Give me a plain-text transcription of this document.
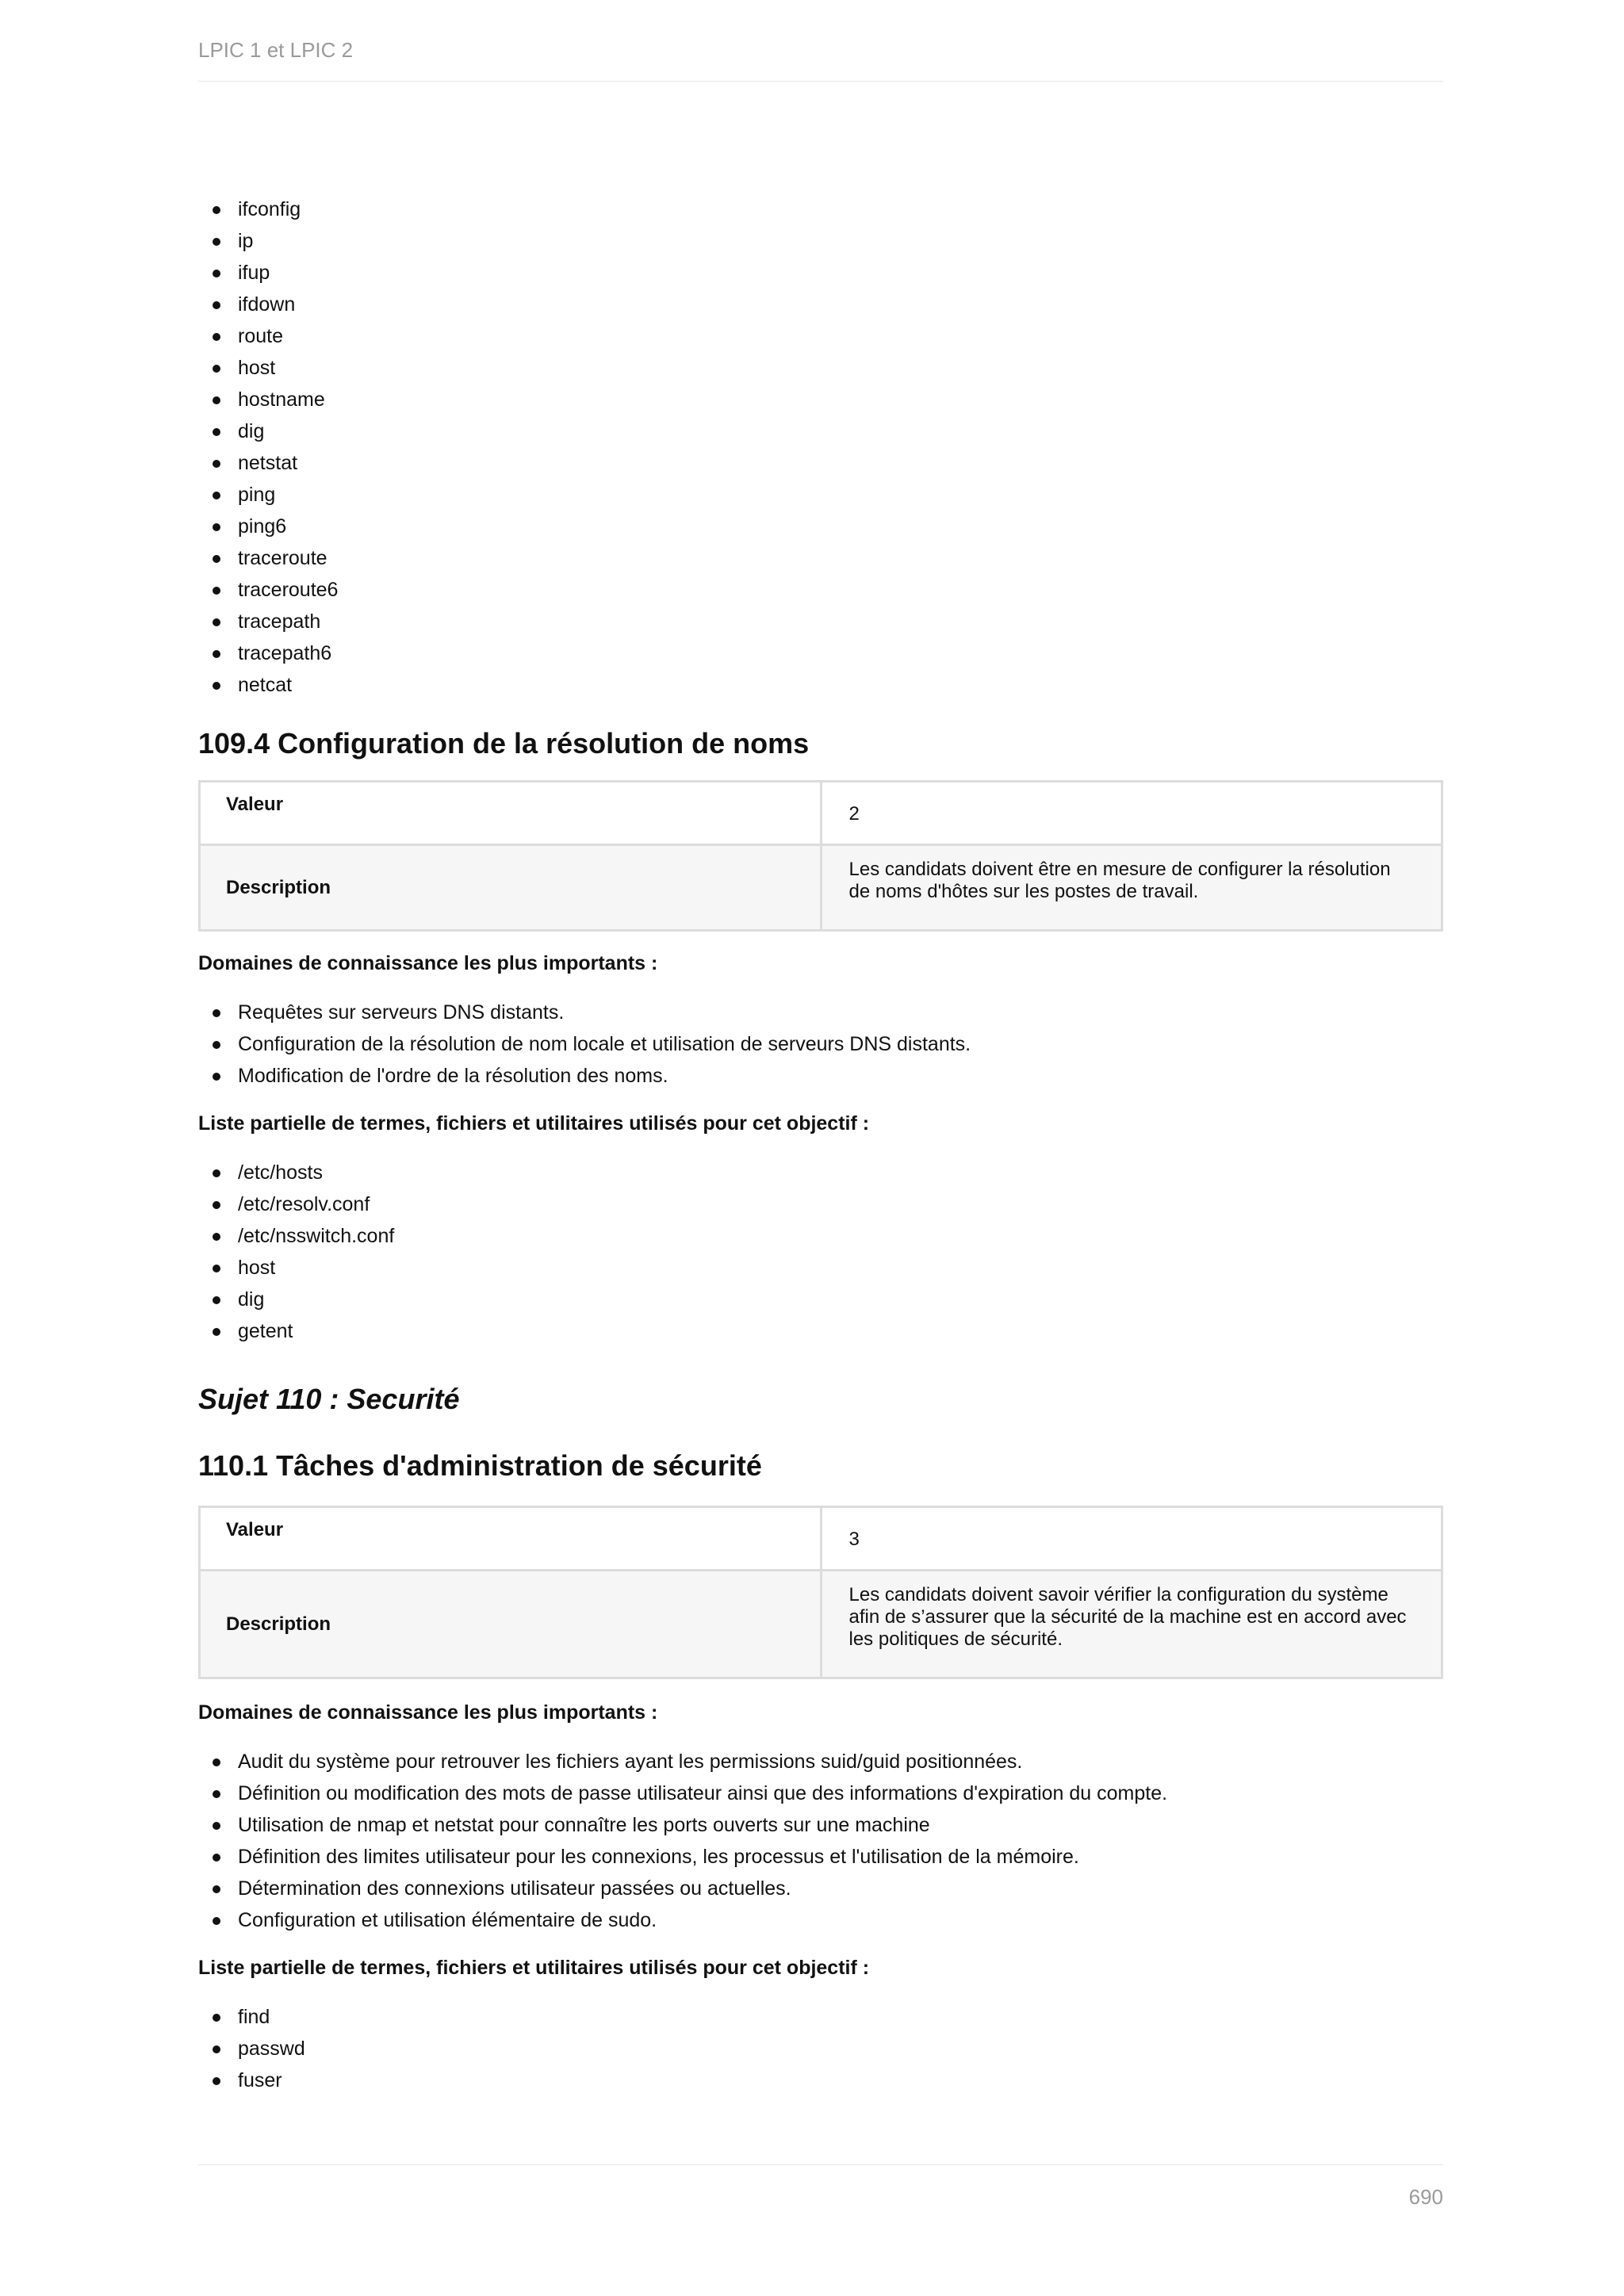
LPIC 1 et LPIC 2
ifconfig
ip
ifup
ifdown
route
host
hostname
dig
netstat
ping
ping6
traceroute
traceroute6
tracepath
tracepath6
netcat
109.4 Configuration de la résolution de noms
Valeur	2
Description	Les candidats doivent être en mesure de configurer la résolution de noms d'hôtes sur les postes de travail.

Domaines de connaissance les plus importants :

Requêtes sur serveurs DNS distants.
Configuration de la résolution de nom locale et utilisation de serveurs DNS distants.
Modification de l'ordre de la résolution des noms.

Liste partielle de termes, fichiers et utilitaires utilisés pour cet objectif :

/etc/hosts
/etc/resolv.conf
/etc/nsswitch.conf
host
dig
getent
Sujet 110 : Securité
110.1 Tâches d'administration de sécurité
Valeur	3
Description	Les candidats doivent savoir vérifier la configuration du système afin de s’assurer que la sécurité de la machine est en accord avec les politiques de sécurité.

Domaines de connaissance les plus importants :

Audit du système pour retrouver les fichiers ayant les permissions suid/guid positionnées.
Définition ou modification des mots de passe utilisateur ainsi que des informations d'expiration du compte.
Utilisation de nmap et netstat pour connaître les ports ouverts sur une machine
Définition des limites utilisateur pour les connexions, les processus et l'utilisation de la mémoire.
Détermination des connexions utilisateur passées ou actuelles.
Configuration et utilisation élémentaire de sudo.

Liste partielle de termes, fichiers et utilitaires utilisés pour cet objectif :

find
passwd
fuser
690
